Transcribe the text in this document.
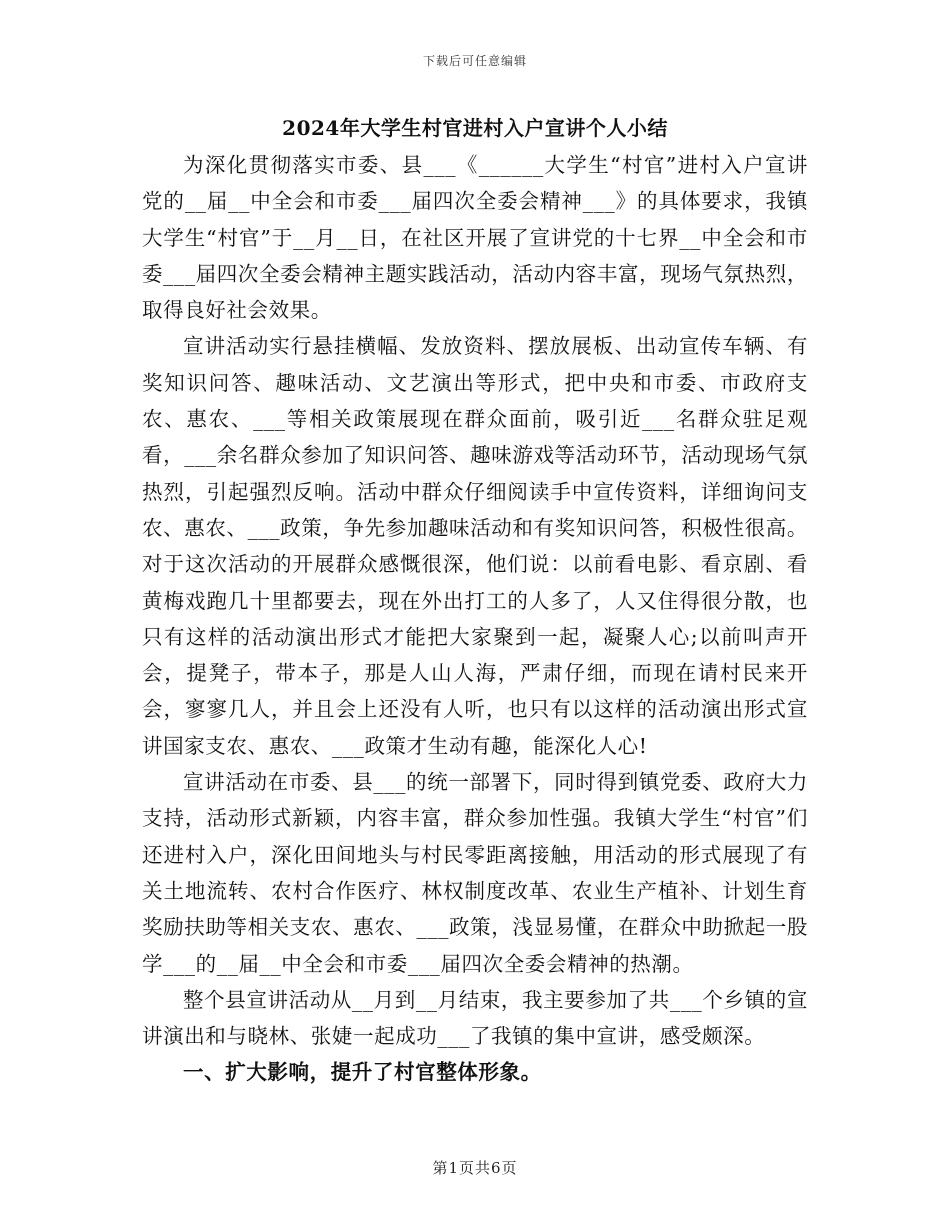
下载后可任意编辑
2024年大学生村官进村入户宣讲个人小结

为深化贯彻落实市委、县___《______大学生“村官”进村入户宣讲党的__届__中全会和市委___届四次全委会精神___》的具体要求，我镇大学生“村官”于__月__日，在社区开展了宣讲党的十七界__中全会和市委___届四次全委会精神主题实践活动，活动内容丰富，现场气氛热烈，取得良好社会效果。

宣讲活动实行悬挂横幅、发放资料、摆放展板、出动宣传车辆、有奖知识问答、趣味活动、文艺演出等形式，把中央和市委、市政府支农、惠农、___等相关政策展现在群众面前，吸引近___名群众驻足观看，___余名群众参加了知识问答、趣味游戏等活动环节，活动现场气氛热烈，引起强烈反响。活动中群众仔细阅读手中宣传资料，详细询问支农、惠农、___政策，争先参加趣味活动和有奖知识问答，积极性很高。对于这次活动的开展群众感慨很深，他们说：以前看电影、看京剧、看黄梅戏跑几十里都要去，现在外出打工的人多了，人又住得很分散，也只有这样的活动演出形式才能把大家聚到一起，凝聚人心;以前叫声开会，提凳子，带本子，那是人山人海，严肃仔细，而现在请村民来开会，寥寥几人，并且会上还没有人听，也只有以这样的活动演出形式宣讲国家支农、惠农、___政策才生动有趣，能深化人心!

宣讲活动在市委、县___的统一部署下，同时得到镇党委、政府大力支持，活动形式新颖，内容丰富，群众参加性强。我镇大学生“村官”们还进村入户，深化田间地头与村民零距离接触，用活动的形式展现了有关土地流转、农村合作医疗、林权制度改革、农业生产植补、计划生育奖励扶助等相关支农、惠农、___政策，浅显易懂，在群众中助掀起一股学___的__届__中全会和市委___届四次全委会精神的热潮。

整个县宣讲活动从__月到__月结束，我主要参加了共___个乡镇的宣讲演出和与晓林、张婕一起成功___了我镇的集中宣讲，感受颇深。

一、扩大影响，提升了村官整体形象。

第1页共6页
